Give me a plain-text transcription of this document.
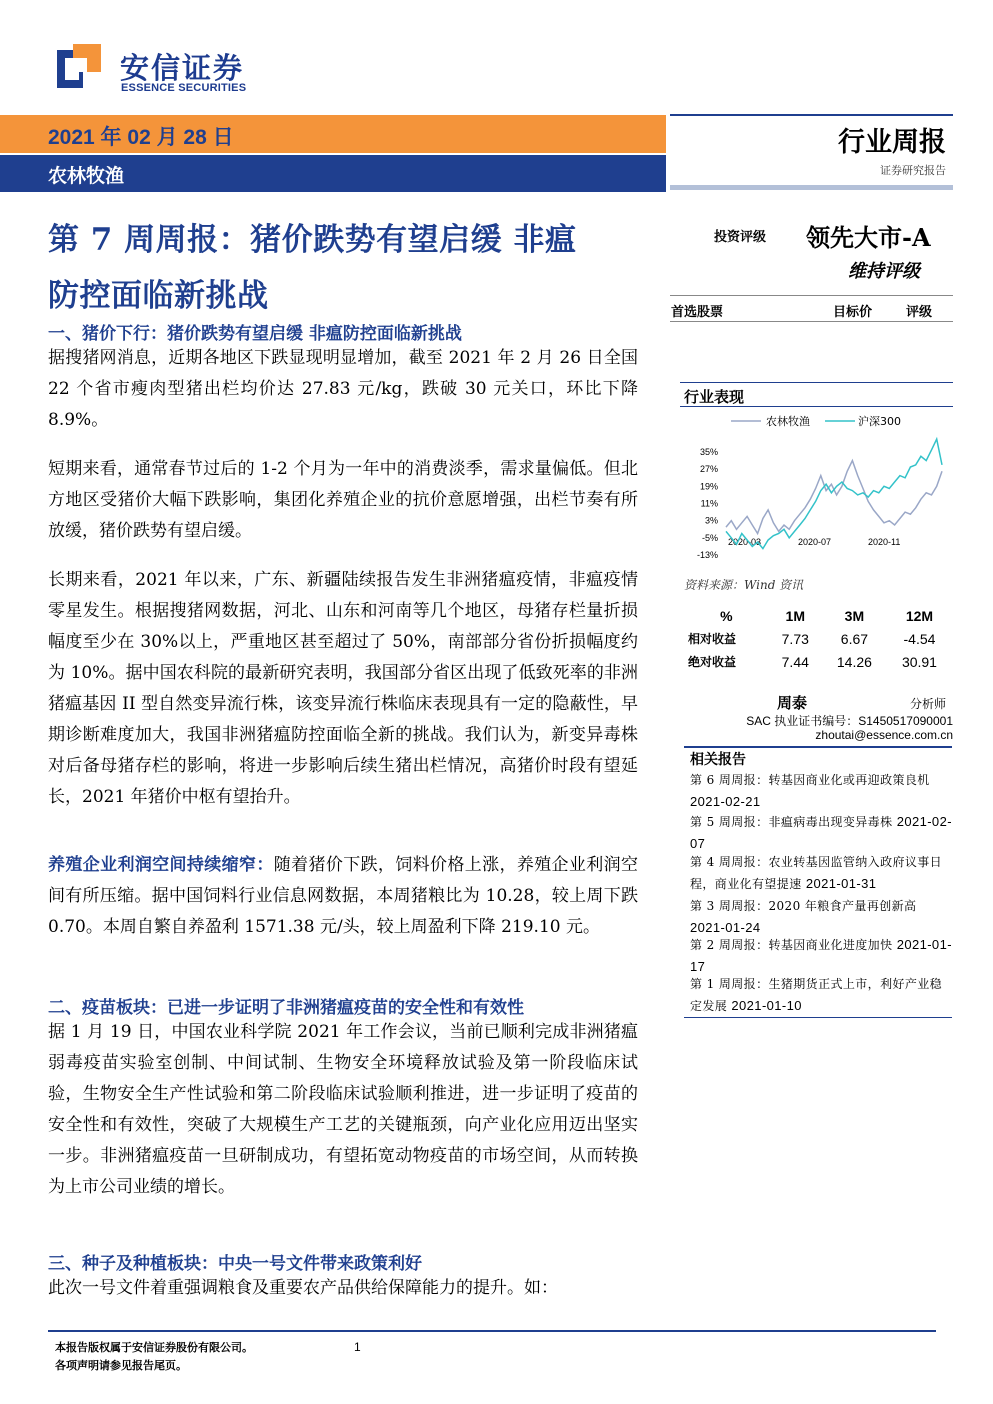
安信证券
ESSENCE SECURITIES
2021 年 02 月 28 日
农林牧渔
行业周报
证券研究报告
投资评级 领先大市-A
维持评级
首选股票	目标价	评级
第 7 周周报：猪价跌势有望启缓 非瘟
防控面临新挑战
一、猪价下行：猪价跌势有望启缓 非瘟防控面临新挑战
据搜猪网消息，近期各地区下跌显现明显增加，截至 2021 年 2 月 26 日全国 22 个省市瘦肉型猪出栏均价达 27.83 元/kg，跌破 30 元关口，环比下降 8.9%。
短期来看，通常春节过后的 1-2 个月为一年中的消费淡季，需求量偏低。但北方地区受猪价大幅下跌影响，集团化养殖企业的抗价意愿增强，出栏节奏有所放缓，猪价跌势有望启缓。
长期来看，2021 年以来，广东、新疆陆续报告发生非洲猪瘟疫情，非瘟疫情零星发生。根据搜猪网数据，河北、山东和河南等几个地区，母猪存栏量折损幅度至少在 30%以上，严重地区甚至超过了 50%，南部部分省份折损幅度约为 10%。据中国农科院的最新研究表明，我国部分省区出现了低致死率的非洲猪瘟基因 II 型自然变异流行株，该变异流行株临床表现具有一定的隐蔽性，早期诊断难度加大，我国非洲猪瘟防控面临全新的挑战。我们认为，新变异毒株对后备母猪存栏的影响，将进一步影响后续生猪出栏情况，高猪价时段有望延长，2021 年猪价中枢有望抬升。
养殖企业利润空间持续缩窄：随着猪价下跌，饲料价格上涨，养殖企业利润空间有所压缩。据中国饲料行业信息网数据，本周猪粮比为 10.28，较上周下跌 0.70。本周自繁自养盈利 1571.38 元/头，较上周盈利下降 219.10 元。
二、疫苗板块：已进一步证明了非洲猪瘟疫苗的安全性和有效性
据 1 月 19 日，中国农业科学院 2021 年工作会议，当前已顺利完成非洲猪瘟弱毒疫苗实验室创制、中间试制、生物安全环境释放试验及第一阶段临床试验，生物安全生产性试验和第二阶段临床试验顺利推进，进一步证明了疫苗的安全性和有效性，突破了大规模生产工艺的关键瓶颈，向产业化应用迈出坚实一步。非洲猪瘟疫苗一旦研制成功，有望拓宽动物疫苗的市场空间，从而转换为上市公司业绩的增长。
三、种子及种植板块：中央一号文件带来政策利好
此次一号文件着重强调粮食及重要农产品供给保障能力的提升。如：
行业表现
农林牧渔	沪深300
35%
27%
19%
11%
3%
-5%
-13%
2020-03	2020-07	2020-11
资料来源：Wind 资讯
%	1M	3M	12M
相对收益	7.73	6.67	-4.54
绝对收益	7.44	14.26	30.91
周泰	分析师
SAC 执业证书编号：S1450517090001
zhoutai@essence.com.cn
相关报告
第 6 周周报：转基因商业化或再迎政策良机 2021-02-21
第 5 周周报：非瘟病毒出现变异毒株 2021-02-07
第 4 周周报：农业转基因监管纳入政府议事日程，商业化有望提速 2021-01-31
第 3 周周报：2020 年粮食产量再创新高 2021-01-24
第 2 周周报：转基因商业化进度加快 2021-01-17
第 1 周周报：生猪期货正式上市，利好产业稳定发展 2021-01-10
本报告版权属于安信证券股份有限公司。
各项声明请参见报告尾页。
1
